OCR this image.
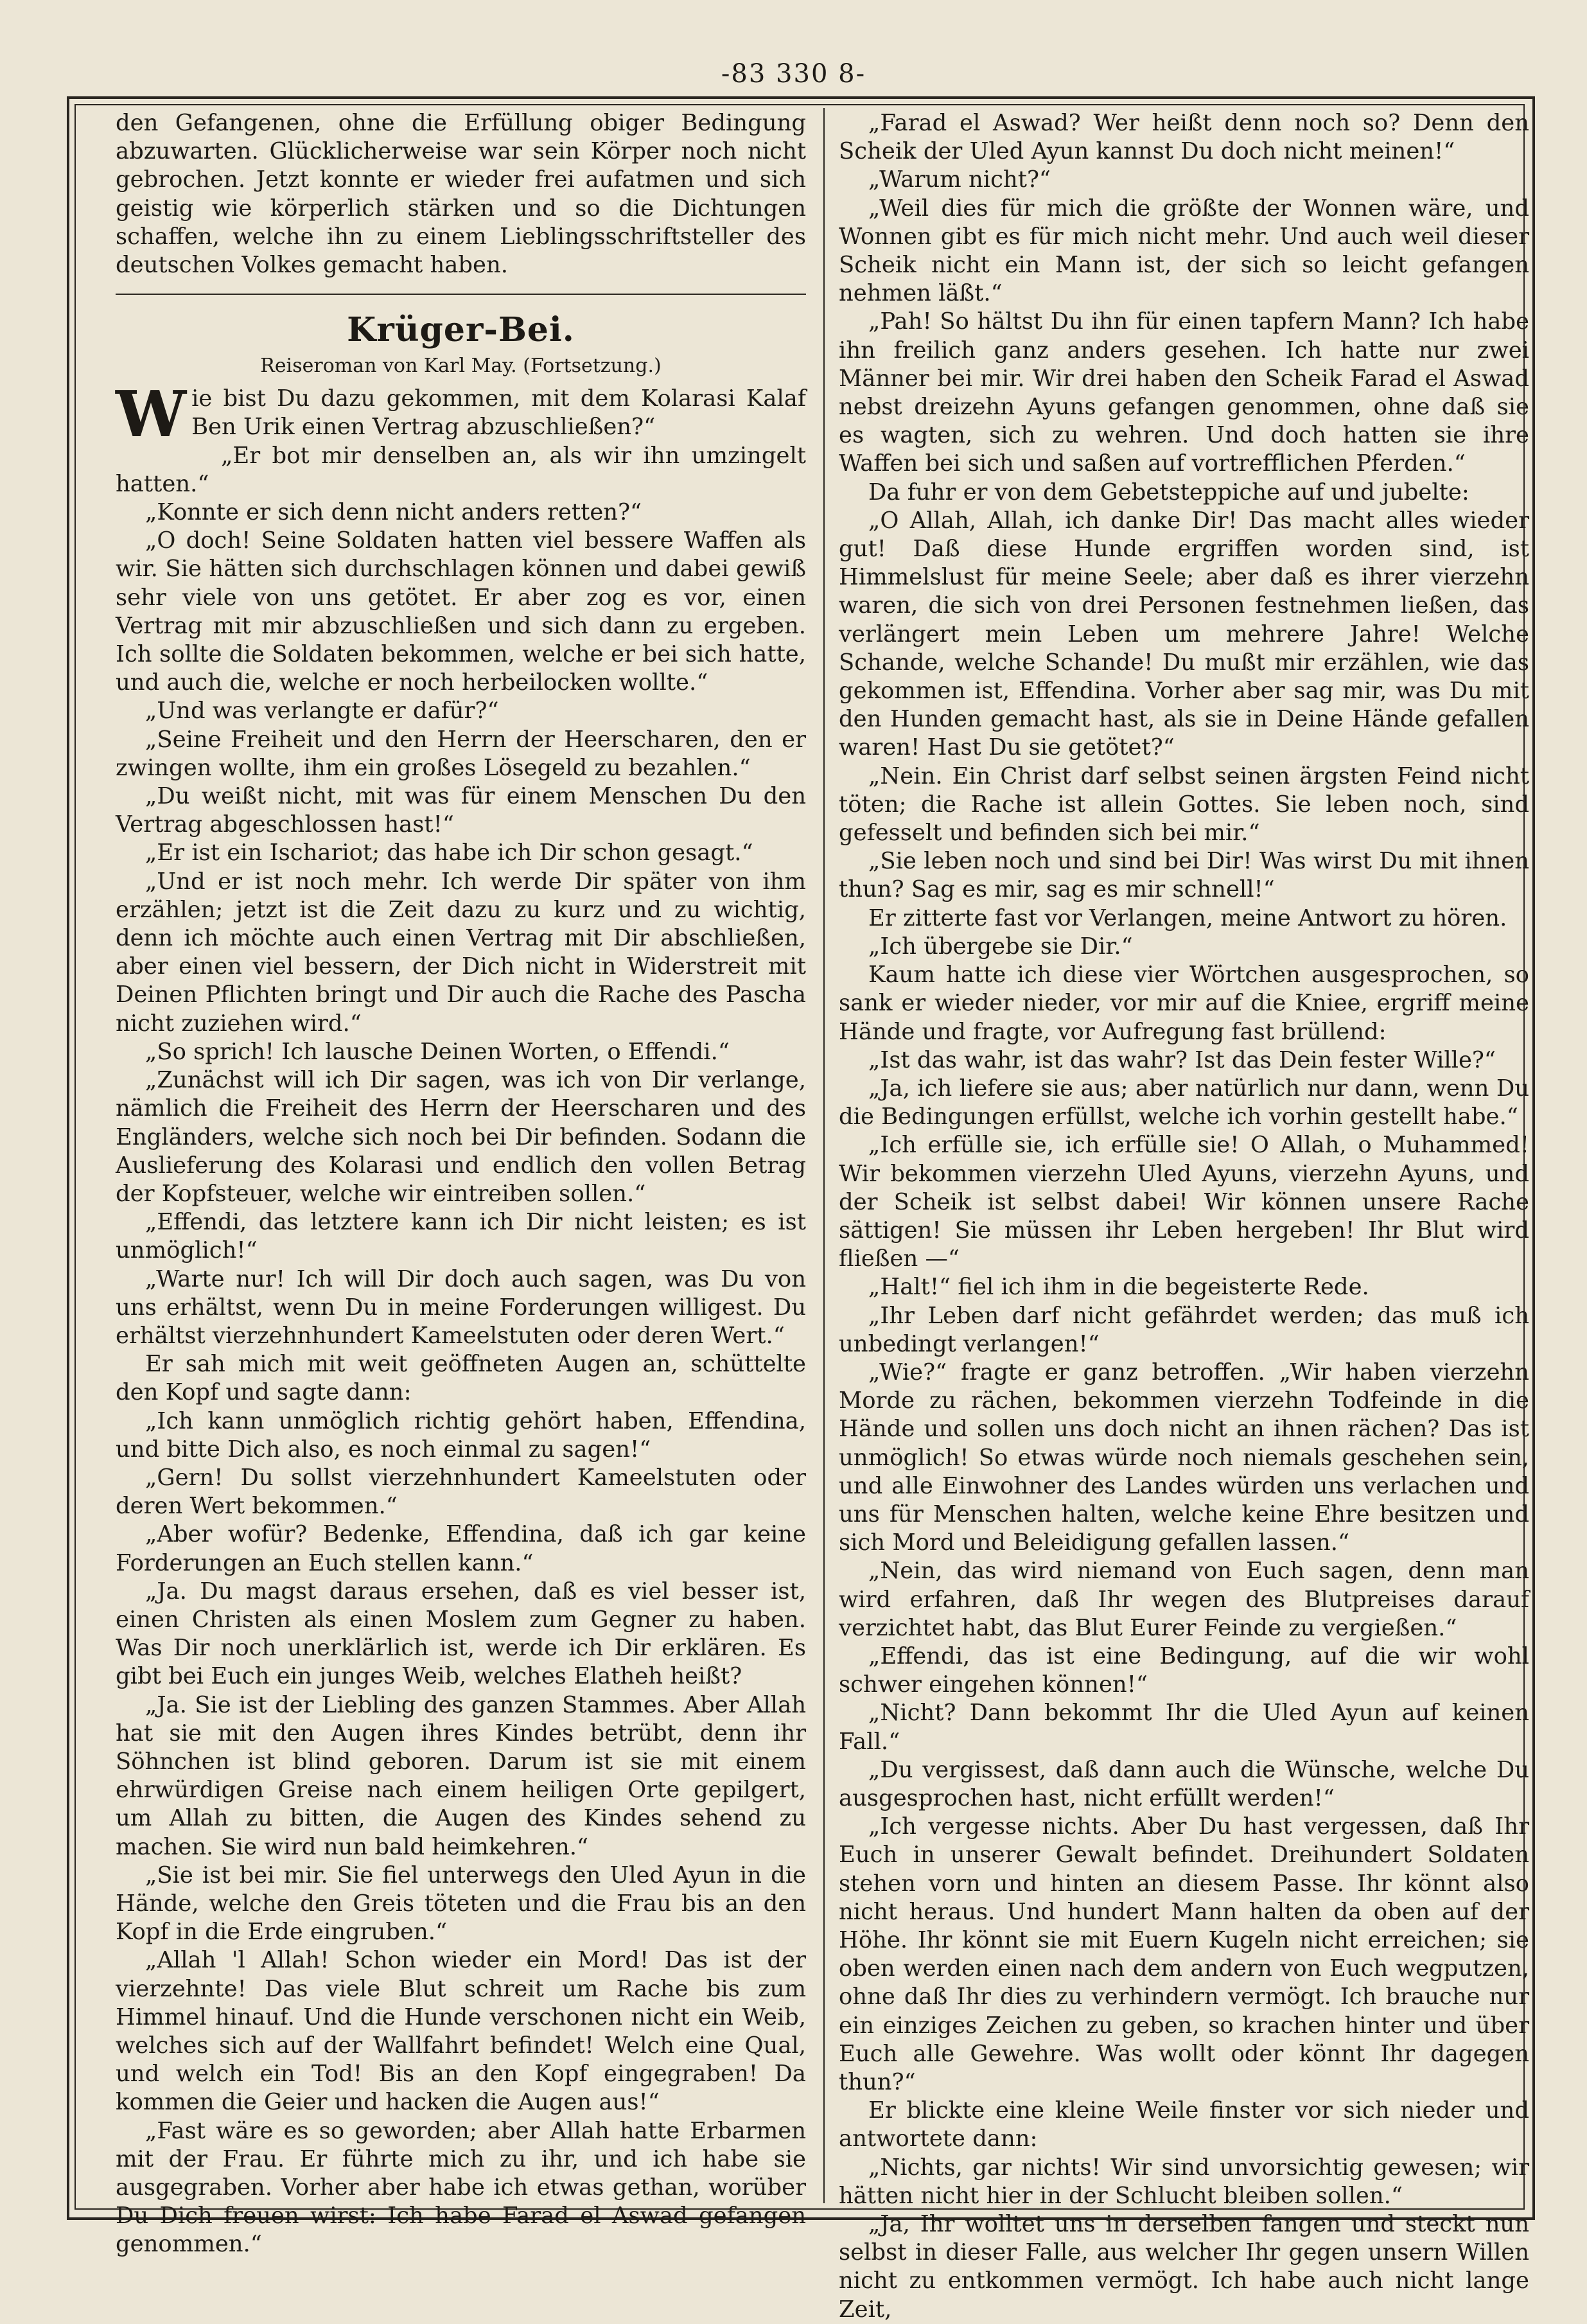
-83 330 8-

den Gefangenen, ohne die Erfüllung obiger Bedingung abzuwarten. Glücklicherweise war sein Körper noch nicht gebrochen. Jetzt konnte er wieder frei aufatmen und sich geistig wie körperlich stärken und so die Dichtungen schaffen, welche ihn zu einem Lieblingsschriftsteller des deutschen Volkes gemacht haben.

Krüger-Bei.
Reiseroman von Karl May. (Fortsetzung.)

Wie bist Du dazu gekommen, mit dem Kolarasi Kalaf Ben Urik einen Vertrag abzuschließen?“

„Er bot mir denselben an, als wir ihn umzingelt hatten.“

„Konnte er sich denn nicht anders retten?“

„O doch! Seine Soldaten hatten viel bessere Waffen als wir. Sie hätten sich durchschlagen können und dabei gewiß sehr viele von uns getötet. Er aber zog es vor, einen Vertrag mit mir abzuschließen und sich dann zu ergeben. Ich sollte die Soldaten bekommen, welche er bei sich hatte, und auch die, welche er noch herbeilocken wollte.“

„Und was verlangte er dafür?“

„Seine Freiheit und den Herrn der Heerscharen, den er zwingen wollte, ihm ein großes Lösegeld zu bezahlen.“

„Du weißt nicht, mit was für einem Menschen Du den Vertrag abgeschlossen hast!“

„Er ist ein Ischariot; das habe ich Dir schon gesagt.“

„Und er ist noch mehr. Ich werde Dir später von ihm erzählen; jetzt ist die Zeit dazu zu kurz und zu wichtig, denn ich möchte auch einen Vertrag mit Dir abschließen, aber einen viel bessern, der Dich nicht in Widerstreit mit Deinen Pflichten bringt und Dir auch die Rache des Pascha nicht zuziehen wird.“

„So sprich! Ich lausche Deinen Worten, o Effendi.“

„Zunächst will ich Dir sagen, was ich von Dir verlange, nämlich die Freiheit des Herrn der Heerscharen und des Engländers, welche sich noch bei Dir befinden. Sodann die Auslieferung des Kolarasi und endlich den vollen Betrag der Kopfsteuer, welche wir eintreiben sollen.“

„Effendi, das letztere kann ich Dir nicht leisten; es ist unmöglich!“

„Warte nur! Ich will Dir doch auch sagen, was Du von uns erhältst, wenn Du in meine Forderungen willigest. Du erhältst vierzehnhundert Kameelstuten oder deren Wert.“

Er sah mich mit weit geöffneten Augen an, schüttelte den Kopf und sagte dann:

„Ich kann unmöglich richtig gehört haben, Effendina, und bitte Dich also, es noch einmal zu sagen!“

„Gern! Du sollst vierzehnhundert Kameelstuten oder deren Wert bekommen.“

„Aber wofür? Bedenke, Effendina, daß ich gar keine Forderungen an Euch stellen kann.“

„Ja. Du magst daraus ersehen, daß es viel besser ist, einen Christen als einen Moslem zum Gegner zu haben. Was Dir noch unerklärlich ist, werde ich Dir erklären. Es gibt bei Euch ein junges Weib, welches Elatheh heißt?

„Ja. Sie ist der Liebling des ganzen Stammes. Aber Allah hat sie mit den Augen ihres Kindes betrübt, denn ihr Söhnchen ist blind geboren. Darum ist sie mit einem ehrwürdigen Greise nach einem heiligen Orte gepilgert, um Allah zu bitten, die Augen des Kindes sehend zu machen. Sie wird nun bald heimkehren.“

„Sie ist bei mir. Sie fiel unterwegs den Uled Ayun in die Hände, welche den Greis töteten und die Frau bis an den Kopf in die Erde eingruben.“

„Allah 'l Allah! Schon wieder ein Mord! Das ist der vierzehnte! Das viele Blut schreit um Rache bis zum Himmel hinauf. Und die Hunde verschonen nicht ein Weib, welches sich auf der Wallfahrt befindet! Welch eine Qual, und welch ein Tod! Bis an den Kopf eingegraben! Da kommen die Geier und hacken die Augen aus!“

„Fast wäre es so geworden; aber Allah hatte Erbarmen mit der Frau. Er führte mich zu ihr, und ich habe sie ausgegraben. Vorher aber habe ich etwas gethan, worüber Du Dich freuen wirst: Ich habe Farad el Aswad gefangen genommen.“

„Farad el Aswad? Wer heißt denn noch so? Denn den Scheik der Uled Ayun kannst Du doch nicht meinen!“

„Warum nicht?“

„Weil dies für mich die größte der Wonnen wäre, und Wonnen gibt es für mich nicht mehr. Und auch weil dieser Scheik nicht ein Mann ist, der sich so leicht gefangen nehmen läßt.“

„Pah! So hältst Du ihn für einen tapfern Mann? Ich habe ihn freilich ganz anders gesehen. Ich hatte nur zwei Männer bei mir. Wir drei haben den Scheik Farad el Aswad nebst dreizehn Ayuns gefangen genommen, ohne daß sie es wagten, sich zu wehren. Und doch hatten sie ihre Waffen bei sich und saßen auf vortrefflichen Pferden.“

Da fuhr er von dem Gebetsteppiche auf und jubelte:

„O Allah, Allah, ich danke Dir! Das macht alles wieder gut! Daß diese Hunde ergriffen worden sind, ist Himmelslust für meine Seele; aber daß es ihrer vierzehn waren, die sich von drei Personen festnehmen ließen, das verlängert mein Leben um mehrere Jahre! Welche Schande, welche Schande! Du mußt mir erzählen, wie das gekommen ist, Effendina. Vorher aber sag mir, was Du mit den Hunden gemacht hast, als sie in Deine Hände gefallen waren! Hast Du sie getötet?“

„Nein. Ein Christ darf selbst seinen ärgsten Feind nicht töten; die Rache ist allein Gottes. Sie leben noch, sind gefesselt und befinden sich bei mir.“

„Sie leben noch und sind bei Dir! Was wirst Du mit ihnen thun? Sag es mir, sag es mir schnell!“

Er zitterte fast vor Verlangen, meine Antwort zu hören.

„Ich übergebe sie Dir.“

Kaum hatte ich diese vier Wörtchen ausgesprochen, so sank er wieder nieder, vor mir auf die Kniee, ergriff meine Hände und fragte, vor Aufregung fast brüllend:

„Ist das wahr, ist das wahr? Ist das Dein fester Wille?“

„Ja, ich liefere sie aus; aber natürlich nur dann, wenn Du die Bedingungen erfüllst, welche ich vorhin gestellt habe.“

„Ich erfülle sie, ich erfülle sie! O Allah, o Muhammed! Wir bekommen vierzehn Uled Ayuns, vierzehn Ayuns, und der Scheik ist selbst dabei! Wir können unsere Rache sättigen! Sie müssen ihr Leben hergeben! Ihr Blut wird fließen —“

„Halt!“ fiel ich ihm in die begeisterte Rede.

„Ihr Leben darf nicht gefährdet werden; das muß ich unbedingt verlangen!“

„Wie?“ fragte er ganz betroffen. „Wir haben vierzehn Morde zu rächen, bekommen vierzehn Todfeinde in die Hände und sollen uns doch nicht an ihnen rächen? Das ist unmöglich! So etwas würde noch niemals geschehen sein, und alle Einwohner des Landes würden uns verlachen und uns für Menschen halten, welche keine Ehre besitzen und sich Mord und Beleidigung gefallen lassen.“

„Nein, das wird niemand von Euch sagen, denn man wird erfahren, daß Ihr wegen des Blutpreises darauf verzichtet habt, das Blut Eurer Feinde zu vergießen.“

„Effendi, das ist eine Bedingung, auf die wir wohl schwer eingehen können!“

„Nicht? Dann bekommt Ihr die Uled Ayun auf keinen Fall.“

„Du vergissest, daß dann auch die Wünsche, welche Du ausgesprochen hast, nicht erfüllt werden!“

„Ich vergesse nichts. Aber Du hast vergessen, daß Ihr Euch in unserer Gewalt befindet. Dreihundert Soldaten stehen vorn und hinten an diesem Passe. Ihr könnt also nicht heraus. Und hundert Mann halten da oben auf der Höhe. Ihr könnt sie mit Euern Kugeln nicht erreichen; sie oben werden einen nach dem andern von Euch wegputzen, ohne daß Ihr dies zu verhindern vermögt. Ich brauche nur ein einziges Zeichen zu geben, so krachen hinter und über Euch alle Gewehre. Was wollt oder könnt Ihr dagegen thun?“

Er blickte eine kleine Weile finster vor sich nieder und antwortete dann:

„Nichts, gar nichts! Wir sind unvorsichtig gewesen; wir hätten nicht hier in der Schlucht bleiben sollen.“

„Ja, Ihr wolltet uns in derselben fangen und steckt nun selbst in dieser Falle, aus welcher Ihr gegen unsern Willen nicht zu entkommen vermögt. Ich habe auch nicht lange Zeit,
